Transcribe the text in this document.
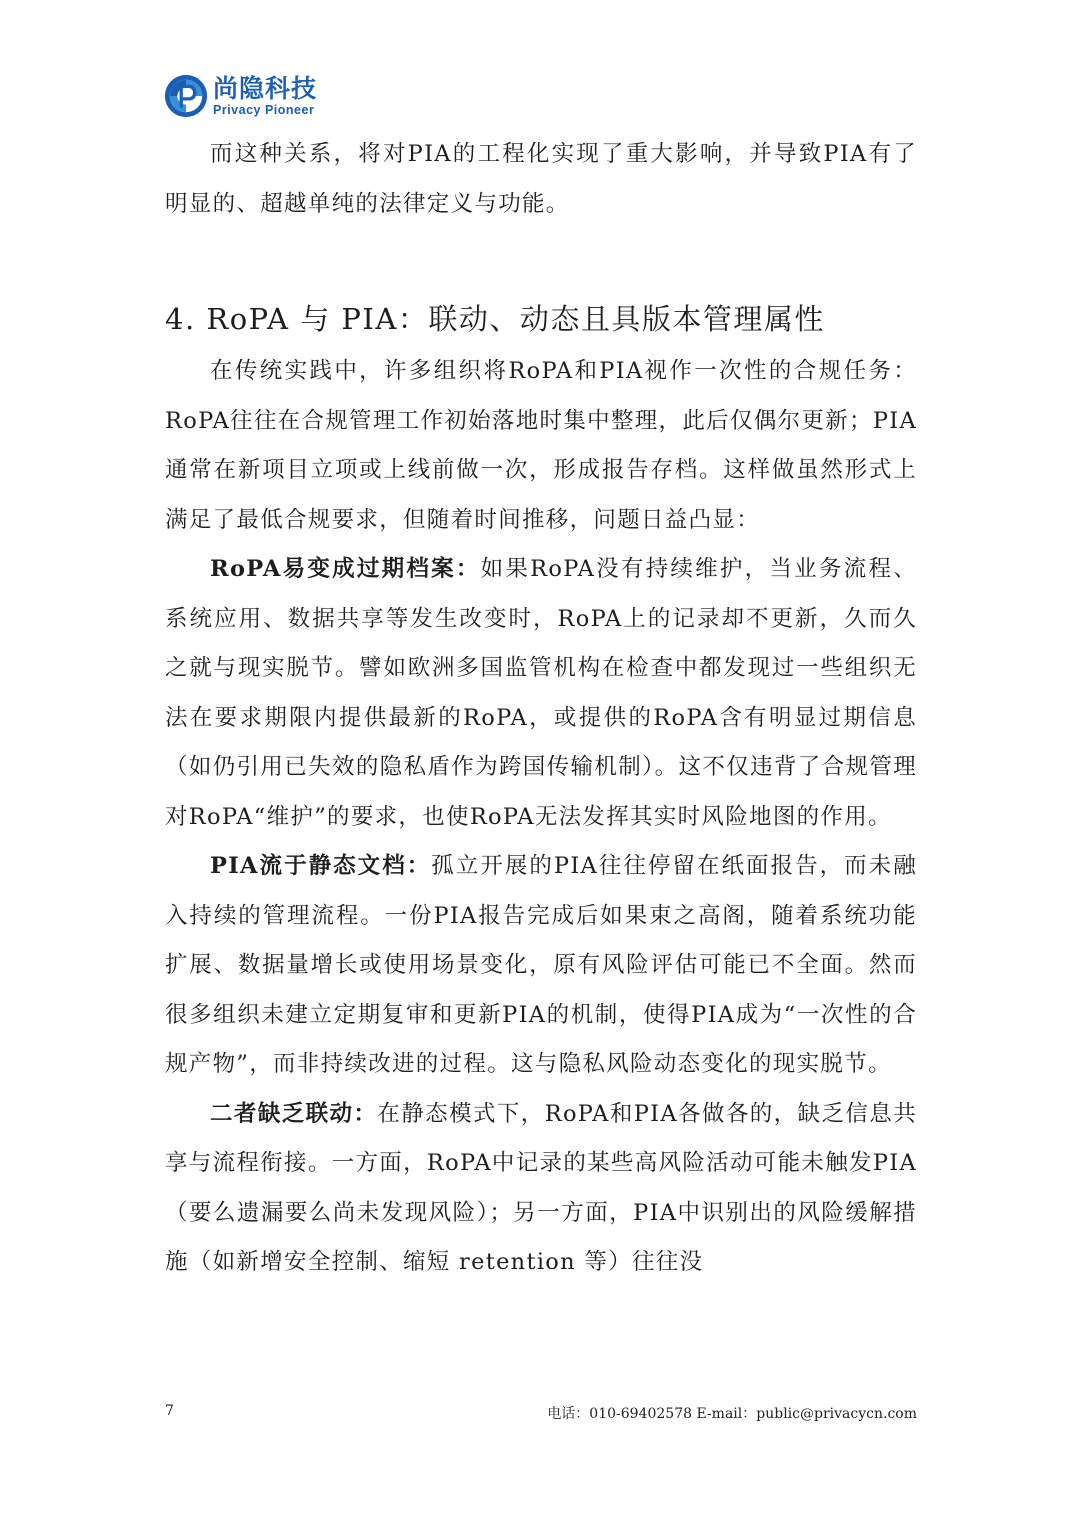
尚隐科技
Privacy Pioneer

而这种关系，将对PIA的工程化实现了重大影响，并导致PIA有了明显的、超越单纯的法律定义与功能。

4. RoPA 与 PIA：联动、动态且具版本管理属性

在传统实践中，许多组织将RoPA和PIA视作一次性的合规任务：RoPA往往在合规管理工作初始落地时集中整理，此后仅偶尔更新；PIA通常在新项目立项或上线前做一次，形成报告存档。这样做虽然形式上满足了最低合规要求，但随着时间推移，问题日益凸显：

RoPA易变成过期档案：如果RoPA没有持续维护，当业务流程、系统应用、数据共享等发生改变时，RoPA上的记录却不更新，久而久之就与现实脱节。譬如欧洲多国监管机构在检查中都发现过一些组织无法在要求期限内提供最新的RoPA，或提供的RoPA含有明显过期信息（如仍引用已失效的隐私盾作为跨国传输机制）。这不仅违背了合规管理对RoPA“维护”的要求，也使RoPA无法发挥其实时风险地图的作用。

PIA流于静态文档：孤立开展的PIA往往停留在纸面报告，而未融入持续的管理流程。一份PIA报告完成后如果束之高阁，随着系统功能扩展、数据量增长或使用场景变化，原有风险评估可能已不全面。然而很多组织未建立定期复审和更新PIA的机制，使得PIA成为“一次性的合规产物”，而非持续改进的过程。这与隐私风险动态变化的现实脱节。

二者缺乏联动：在静态模式下，RoPA和PIA各做各的，缺乏信息共享与流程衔接。一方面，RoPA中记录的某些高风险活动可能未触发PIA（要么遗漏要么尚未发现风险）；另一方面，PIA中识别出的风险缓解措施（如新增安全控制、缩短 retention 等）往往没

7	电话：010-69402578 E-mail：public@privacycn.com
